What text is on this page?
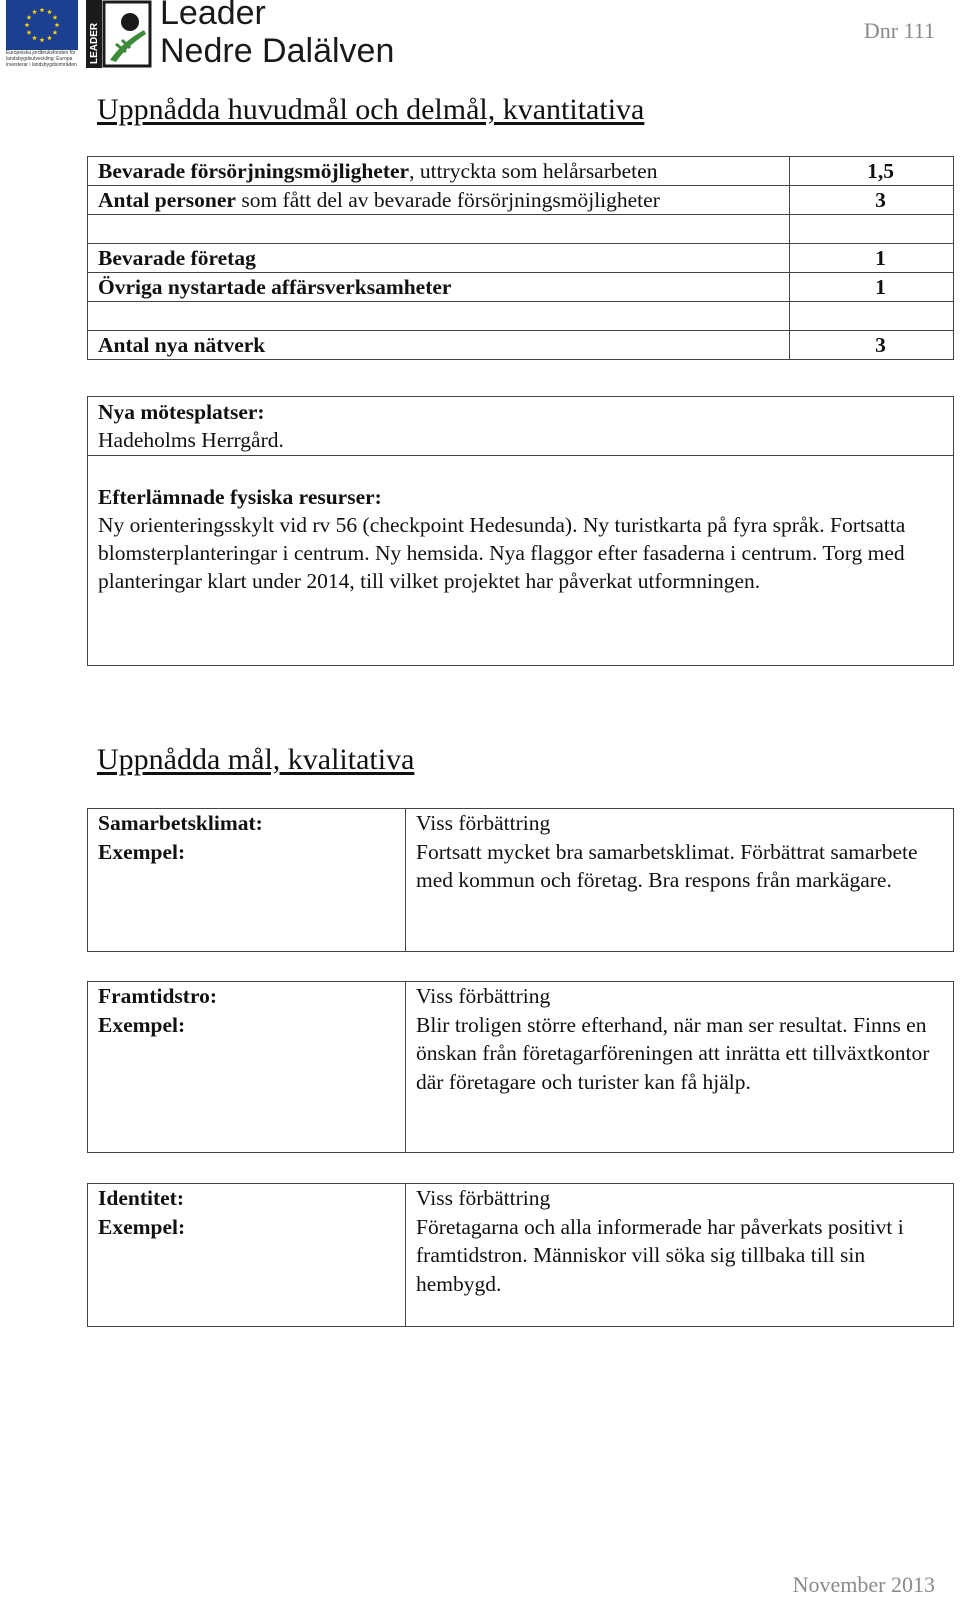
Europeiska jordbruksfonden för landsbygdsutveckling: Europa investerar i landsbygdsområden
LEADER
Leader
Nedre Dalälven
Dnr 111
Uppnådda huvudmål och delmål, kvantitativa
Bevarade försörjningsmöjligheter, uttryckta som helårsarbeten	1,5
Antal personer som fått del av bevarade försörjningsmöjligheter	3

Bevarade företag	1
Övriga nystartade affärsverksamheter	1

Antal nya nätverk	3
Nya mötesplatser:
Hadeholms Herrgård.
Efterlämnade fysiska resurser:
Ny orienteringsskylt vid rv 56 (checkpoint Hedesunda). Ny turistkarta på fyra språk. Fortsatta blomsterplanteringar i centrum. Ny hemsida. Nya flaggor efter fasaderna i centrum. Torg med planteringar klart under 2014, till vilket projektet har påverkat utformningen.
Uppnådda mål, kvalitativa
Samarbetsklimat:
Exempel:

Viss förbättring
Fortsatt mycket bra samarbetsklimat. Förbättrat samarbete med kommun och företag. Bra respons från markägare.
Framtidstro:
Exempel:

Viss förbättring
Blir troligen större efterhand, när man ser resultat. Finns en önskan från företagarföreningen att inrätta ett tillväxtkontor där företagare och turister kan få hjälp.
Identitet:
Exempel:

Viss förbättring
Företagarna och alla informerade har påverkats positivt i framtidstron. Människor vill söka sig tillbaka till sin hembygd.
November 2013
